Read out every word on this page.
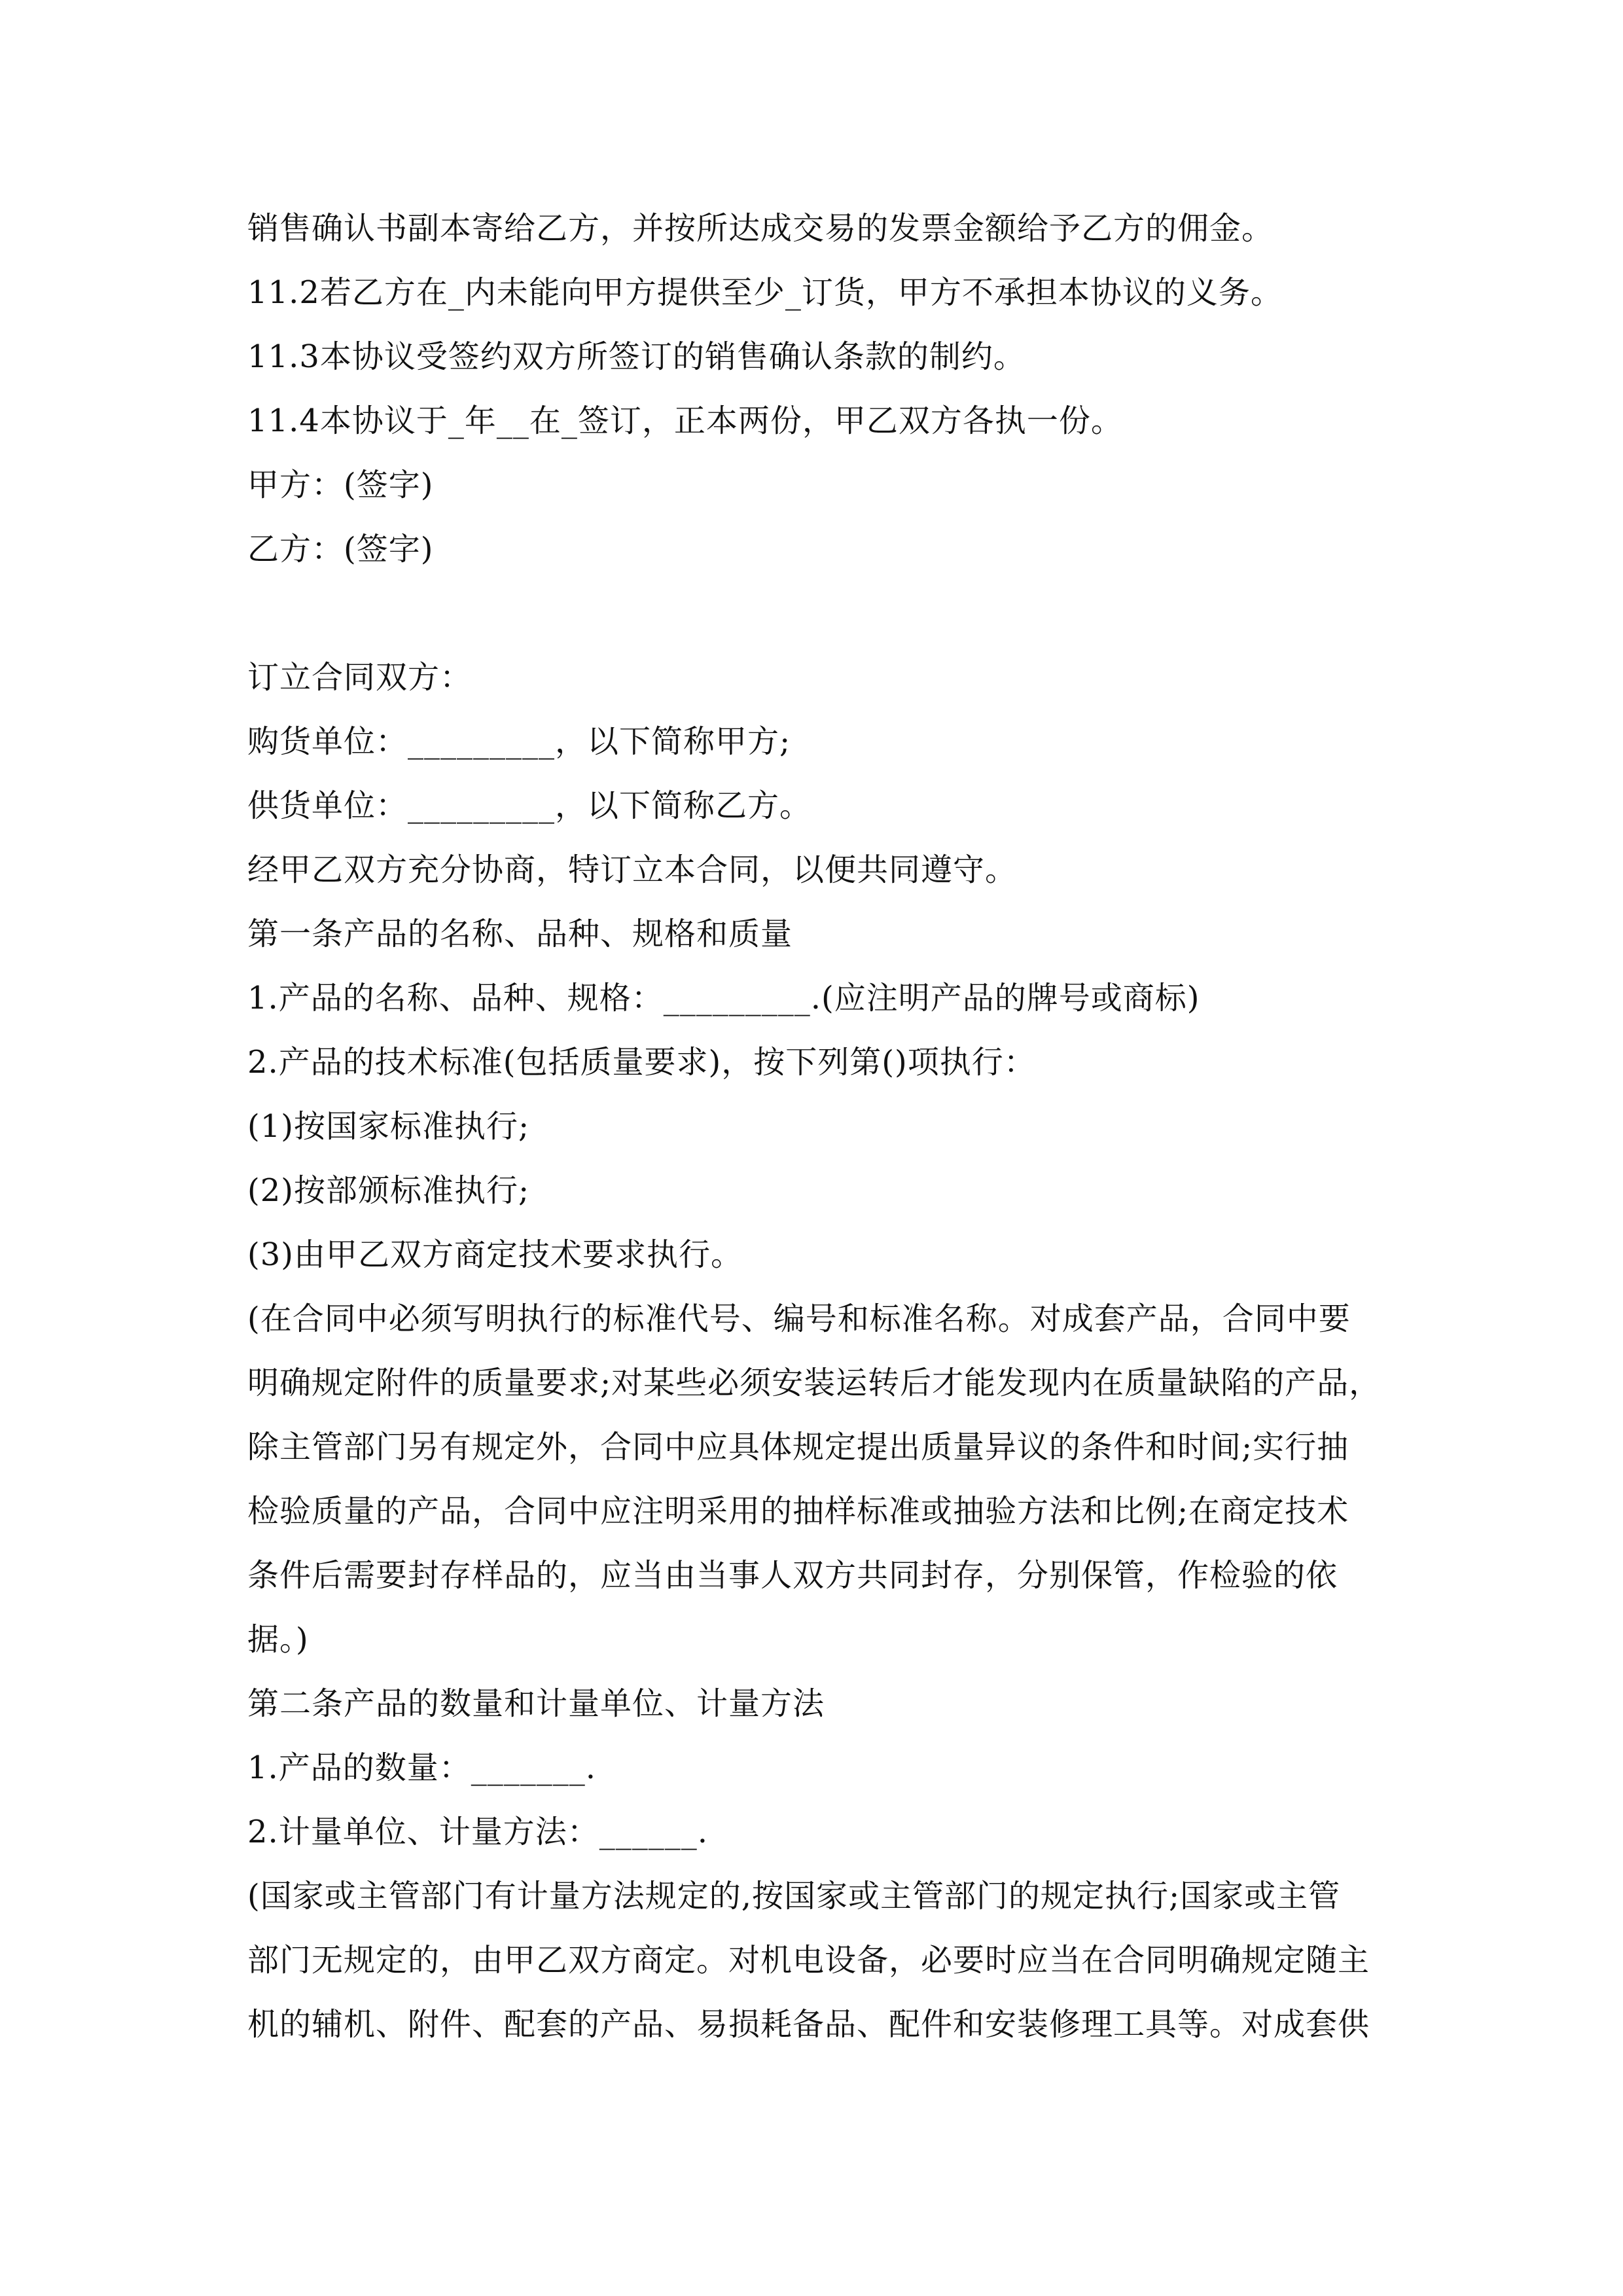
销售确认书副本寄给乙方，并按所达成交易的发票金额给予乙方的佣金。
11.2若乙方在_内未能向甲方提供至少_订货，甲方不承担本协议的义务。
11.3本协议受签约双方所签订的销售确认条款的制约。
11.4本协议于_年__在_签订，正本两份，甲乙双方各执一份。
甲方：(签字)
乙方：(签字)
订立合同双方：
购货单位：_________，以下简称甲方;
供货单位：_________，以下简称乙方。
经甲乙双方充分协商，特订立本合同，以便共同遵守。
第一条产品的名称、品种、规格和质量
1.产品的名称、品种、规格：_________.(应注明产品的牌号或商标)
2.产品的技术标准(包括质量要求)，按下列第()项执行：
(1)按国家标准执行;
(2)按部颁标准执行;
(3)由甲乙双方商定技术要求执行。
(在合同中必须写明执行的标准代号、编号和标准名称。对成套产品，合同中要
明确规定附件的质量要求;对某些必须安装运转后才能发现内在质量缺陷的产品，
除主管部门另有规定外，合同中应具体规定提出质量异议的条件和时间;实行抽
检验质量的产品，合同中应注明采用的抽样标准或抽验方法和比例;在商定技术
条件后需要封存样品的，应当由当事人双方共同封存，分别保管，作检验的依
据。)
第二条产品的数量和计量单位、计量方法
1.产品的数量：_______.
2.计量单位、计量方法：______.
(国家或主管部门有计量方法规定的,按国家或主管部门的规定执行;国家或主管
部门无规定的，由甲乙双方商定。对机电设备，必要时应当在合同明确规定随主
机的辅机、附件、配套的产品、易损耗备品、配件和安装修理工具等。对成套供
